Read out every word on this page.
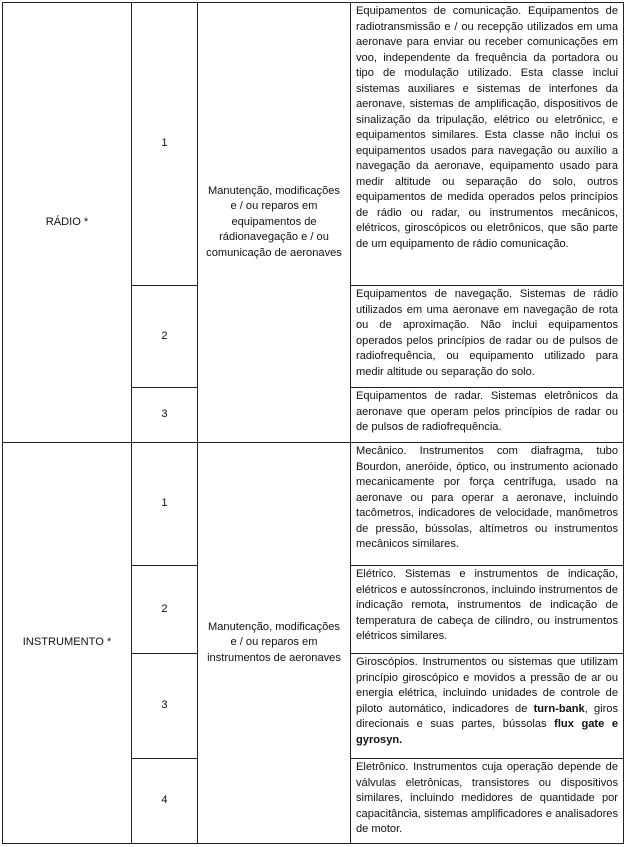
RÁDIO *	1	Manutenção, modificações e / ou reparos em equipamentos de rádionavegação e / ou comunicação de aeronaves	Equipamentos de comunicação. Equipamentos de radiotransmissão e / ou recepção utilizados em uma aeronave para enviar ou receber comunicações em voo, independente da frequência da portadora ou tipo de modulação utilizado. Esta classe inclui sistemas auxiliares e sistemas de interfones da aeronave, sistemas de amplificação, dispositivos de sinalização da tripulação, elétrico ou eletrônicc, e equipamentos similares. Esta classe não inclui os equipamentos usados para navegação ou auxílio a navegação da aeronave, equipamento usado para medir altitude ou separação do solo, outros equipamentos de medida operados pelos princípios de rádio ou radar, ou instrumentos mecânicos, elétricos, giroscópicos ou eletrônicos, que são parte de um equipamento de rádio comunicação.
	2		Equipamentos de navegação. Sistemas de rádio utilizados em uma aeronave em navegação de rota ou de aproximação. Não inclui equipamentos operados pelos princípios de radar ou de pulsos de radiofrequência, ou equipamento utilizado para medir altitude ou separação do solo.
	3		Equipamentos de radar. Sistemas eletrônicos da aeronave que operam pelos princípios de radar ou de pulsos de radiofrequência.
INSTRUMENTO *	1	Manutenção, modificações e / ou reparos em instrumentos de aeronaves	Mecânico. Instrumentos com diafragma, tubo Bourdon, aneróide, óptico, ou instrumento acionado mecanicamente por força centrífuga, usado na aeronave ou para operar a aeronave, incluindo tacômetros, indicadores de velocidade, manômetros de pressão, bússolas, altímetros ou instrumentos mecânicos similares.
	2		Elétrico. Sistemas e instrumentos de indicação, elétricos e autossíncronos, incluindo instrumentos de indicação remota, instrumentos de indicação de temperatura de cabeça de cilindro, ou instrumentos elétricos similares.
	3		Giroscópios. Instrumentos ou sistemas que utilizam princípio giroscópico e movidos a pressão de ar ou energia elétrica, incluindo unidades de controle de piloto automático, indicadores de turn-bank, giros direcionais e suas partes, bússolas flux gate e gyrosyn.
	4		Eletrônico. Instrumentos cuja operação depende de válvulas eletrônicas, transistores ou dispositivos similares, incluindo medidores de quantidade por capacitância, sistemas amplificadores e analisadores de motor.
